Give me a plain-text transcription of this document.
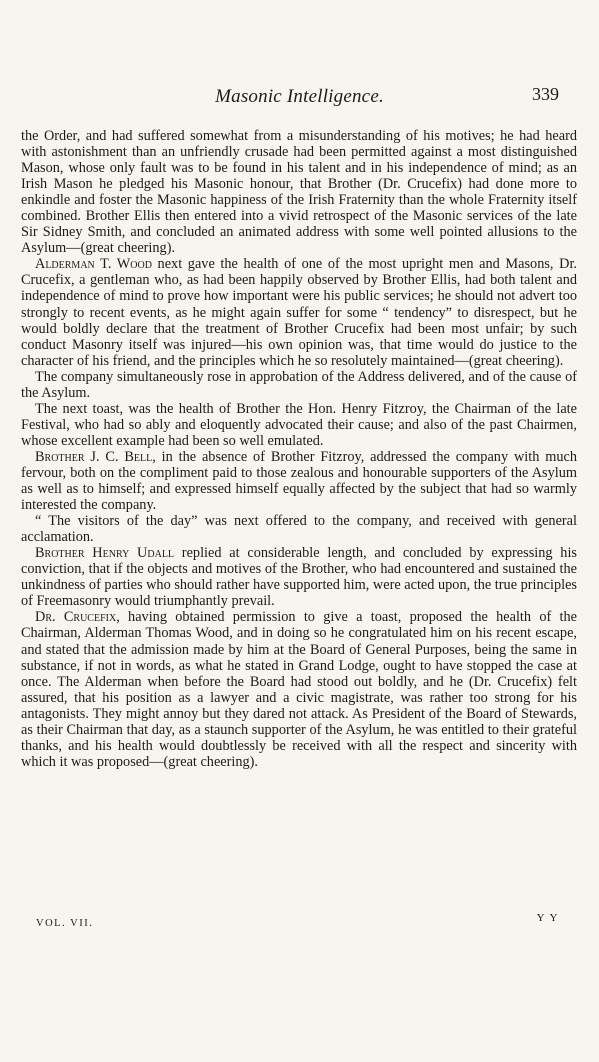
Masonic Intelligence.	339

the Order, and had suffered somewhat from a misunderstanding of his motives; he had heard with astonishment than an unfriendly crusade had been permitted against a most distinguished Mason, whose only fault was to be found in his talent and in his independence of mind; as an Irish Mason he pledged his Masonic honour, that Brother (Dr. Crucefix) had done more to enkindle and foster the Masonic happiness of the Irish Fraternity than the whole Fraternity itself combined. Brother Ellis then entered into a vivid retrospect of the Masonic services of the late Sir Sidney Smith, and concluded an animated address with some well pointed allusions to the Asylum—(great cheering).

Alderman T. Wood next gave the health of one of the most upright men and Masons, Dr. Crucefix, a gentleman who, as had been happily observed by Brother Ellis, had both talent and independence of mind to prove how important were his public services; he should not advert too strongly to recent events, as he might again suffer for some “ tendency” to disrespect, but he would boldly declare that the treatment of Brother Crucefix had been most unfair; by such conduct Masonry itself was injured—his own opinion was, that time would do justice to the character of his friend, and the principles which he so resolutely maintained—(great cheering).

The company simultaneously rose in approbation of the Address delivered, and of the cause of the Asylum.

The next toast, was the health of Brother the Hon. Henry Fitzroy, the Chairman of the late Festival, who had so ably and eloquently advocated their cause; and also of the past Chairmen, whose excellent example had been so well emulated.

Brother J. C. Bell, in the absence of Brother Fitzroy, addressed the company with much fervour, both on the compliment paid to those zealous and honourable supporters of the Asylum as well as to himself; and expressed himself equally affected by the subject that had so warmly interested the company.

“ The visitors of the day” was next offered to the company, and received with general acclamation.

Brother Henry Udall replied at considerable length, and concluded by expressing his conviction, that if the objects and motives of the Brother, who had encountered and sustained the unkindness of parties who should rather have supported him, were acted upon, the true principles of Freemasonry would triumphantly prevail.

Dr. Crucefix, having obtained permission to give a toast, proposed the health of the Chairman, Alderman Thomas Wood, and in doing so he congratulated him on his recent escape, and stated that the admission made by him at the Board of General Purposes, being the same in substance, if not in words, as what he stated in Grand Lodge, ought to have stopped the case at once. The Alderman when before the Board had stood out boldly, and he (Dr. Crucefix) felt assured, that his position as a lawyer and a civic magistrate, was rather too strong for his antagonists. They might annoy but they dared not attack. As President of the Board of Stewards, as their Chairman that day, as a staunch supporter of the Asylum, he was entitled to their grateful thanks, and his health would doubtlessly be received with all the respect and sincerity with which it was proposed—(great cheering).

VOL. VII.	Y Y
